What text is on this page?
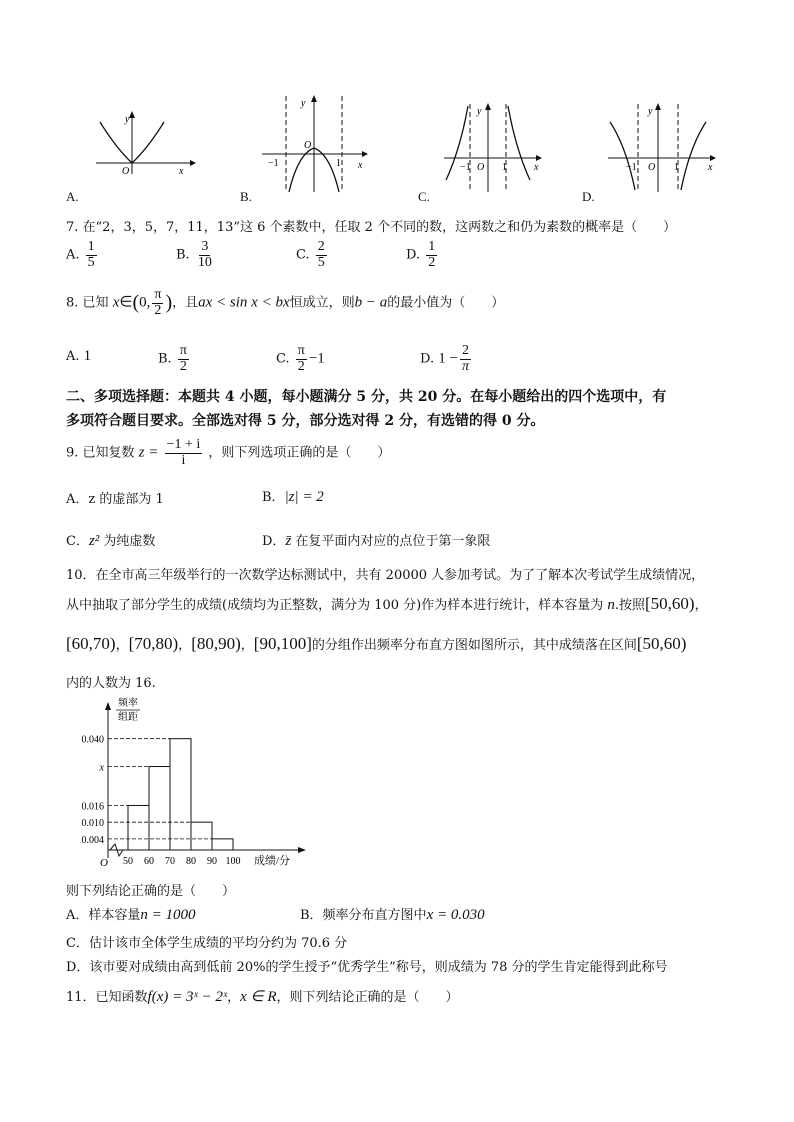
y
O	x
A.
y
O
−1	1 x
B.
y
O
−1	1	x
C.
y
O
−1	1	x
D.
7. 在“2，3，5，7，11，13”这 6 个素数中，任取 2 个不同的数，这两数之和仍为素数的概率是（　　）
A. $\frac{1}{5}$	B. $\frac{3}{10}$	C. $\frac{2}{5}$	D. $\frac{1}{2}$
8. 已知 x∈(0, $\frac{\pi}{2}$ )，且ax < sin x < bx恒成立，则b − a的最小值为（　　）
A. 1	B. $\frac{\pi}{2}$	C. $\frac{\pi}{2} -1$	D. $1 - \frac{2}{\pi}$
二、多项选择题：本题共 4 小题，每小题满分 5 分，共 20 分。在每小题给出的四个选项中，有
多项符合题目要求。全部选对得 5 分，部分选对得 2 分，有选错的得 0 分。
9. 已知复数 $z = \frac{-1 + i}{i}$ ，则下列选项正确的是（　　）
A．z 的虚部为 1	B．|z| = 2
C．z² 为纯虚数	D．z̄ 在复平面内对应的点位于第一象限
10．在全市高三年级举行的一次数学达标测试中，共有 20000 人参加考试。为了了解本次考试学生成绩情况，
从中抽取了部分学生的成绩(成绩均为正整数，满分为 100 分)作为样本进行统计，样本容量为 n.按照[50,60)，
[60,70)，[70,80)，[80,90)，[90,100]的分组作出频率分布直方图如图所示，其中成绩落在区间[50,60)
内的人数为 16.
频率
组距
O	成绩/分
0.040
x
0.016
0.010
0.004
50 60 70 80 90 100
则下列结论正确的是（　　）
A．样本容量n = 1000	B．频率分布直方图中x = 0.030
C．估计该市全体学生成绩的平均分约为 70.6 分
D．该市要对成绩由高到低前 20%的学生授予“优秀学生”称号，则成绩为 78 分的学生肯定能得到此称号
11．已知函数f(x) = 3ˣ − 2ˣ，x ∈ R，则下列结论正确的是（　　）
